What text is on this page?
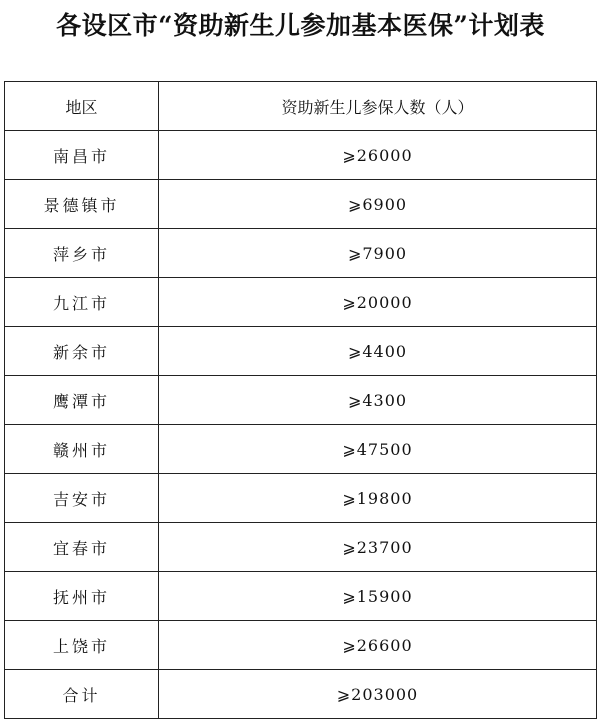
各设区市“资助新生儿参加基本医保”计划表
地区	资助新生儿参保人数（人）
南昌市	⩾26000
景德镇市	⩾6900
萍乡市	⩾7900
九江市	⩾20000
新余市	⩾4400
鹰潭市	⩾4300
赣州市	⩾47500
吉安市	⩾19800
宜春市	⩾23700
抚州市	⩾15900
上饶市	⩾26600
合计	⩾203000
